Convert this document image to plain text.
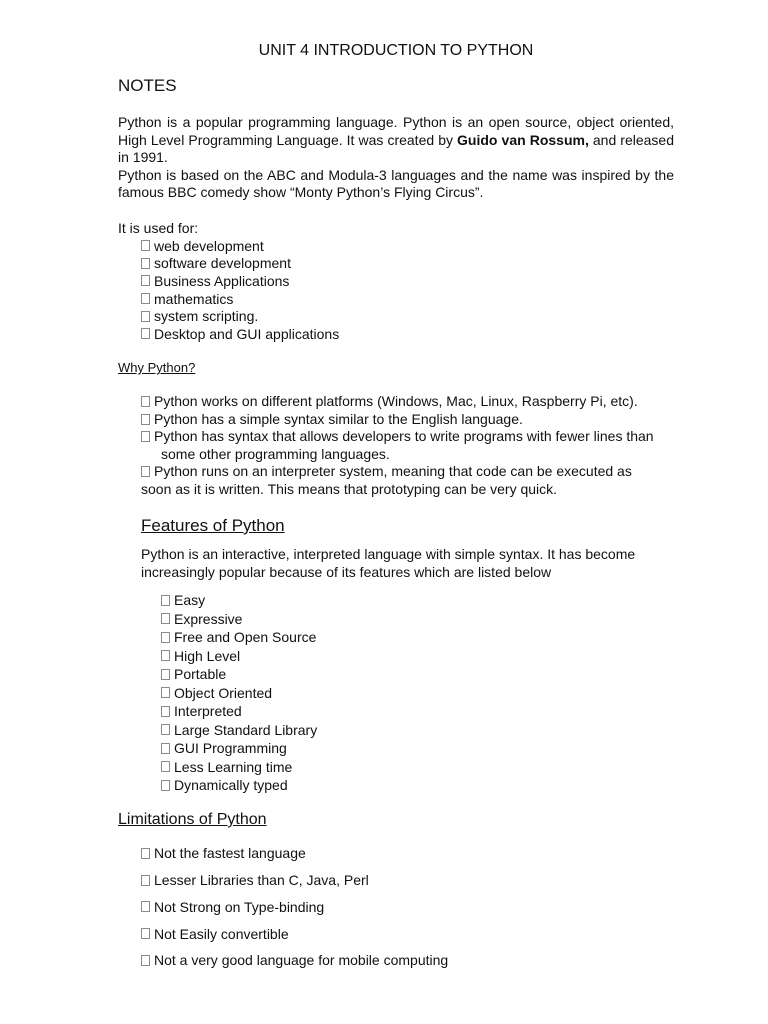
UNIT 4 INTRODUCTION TO PYTHON
NOTES

Python is a popular programming language. Python is an open source, object oriented, High Level Programming Language. It was created by Guido van Rossum, and released in 1991.

Python is based on the ABC and Modula-3 languages and the name was inspired by the famous BBC comedy show “Monty Python’s Flying Circus”.

It is used for:
web development
software development
Business Applications
mathematics
system scripting.
Desktop and GUI applications
Why Python?
Python works on different platforms (Windows, Mac, Linux, Raspberry Pi, etc).
Python has a simple syntax similar to the English language.
Python has syntax that allows developers to write programs with fewer lines than
some other programming languages.
Python runs on an interpreter system, meaning that code can be executed as
soon as it is written. This means that prototyping can be very quick.
Features of Python
Python is an interactive, interpreted language with simple syntax. It has become increasingly popular because of its features which are listed below
Easy
Expressive
Free and Open Source
High Level
Portable
Object Oriented
Interpreted
Large Standard Library
GUI Programming
Less Learning time
Dynamically typed
Limitations of Python
Not the fastest language
Lesser Libraries than C, Java, Perl
Not Strong on Type-binding
Not Easily convertible
Not a very good language for mobile computing
